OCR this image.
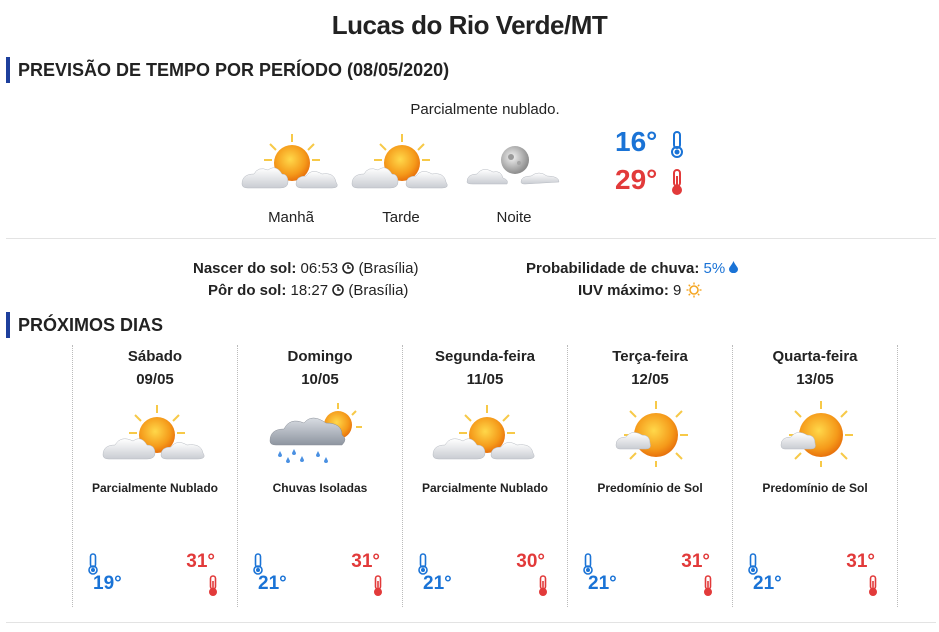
Lucas do Rio Verde/MT
PREVISÃO DE TEMPO POR PERÍODO (08/05/2020)
Parcialmente nublado.
Manhã	Tarde	Noite
16°
29°
Nascer do sol: 06:53 (Brasília)
Pôr do sol: 18:27 (Brasília)
Probabilidade de chuva: 5%
IUV máximo: 9
PRÓXIMOS DIAS
Sábado
09/05
Parcialmente Nublado
19°
31°
Domingo
10/05
Chuvas Isoladas
21°
31°
Segunda-feira
11/05
Parcialmente Nublado
21°
30°
Terça-feira
12/05
Predomínio de Sol
21°
31°
Quarta-feira
13/05
Predomínio de Sol
21°
31°
